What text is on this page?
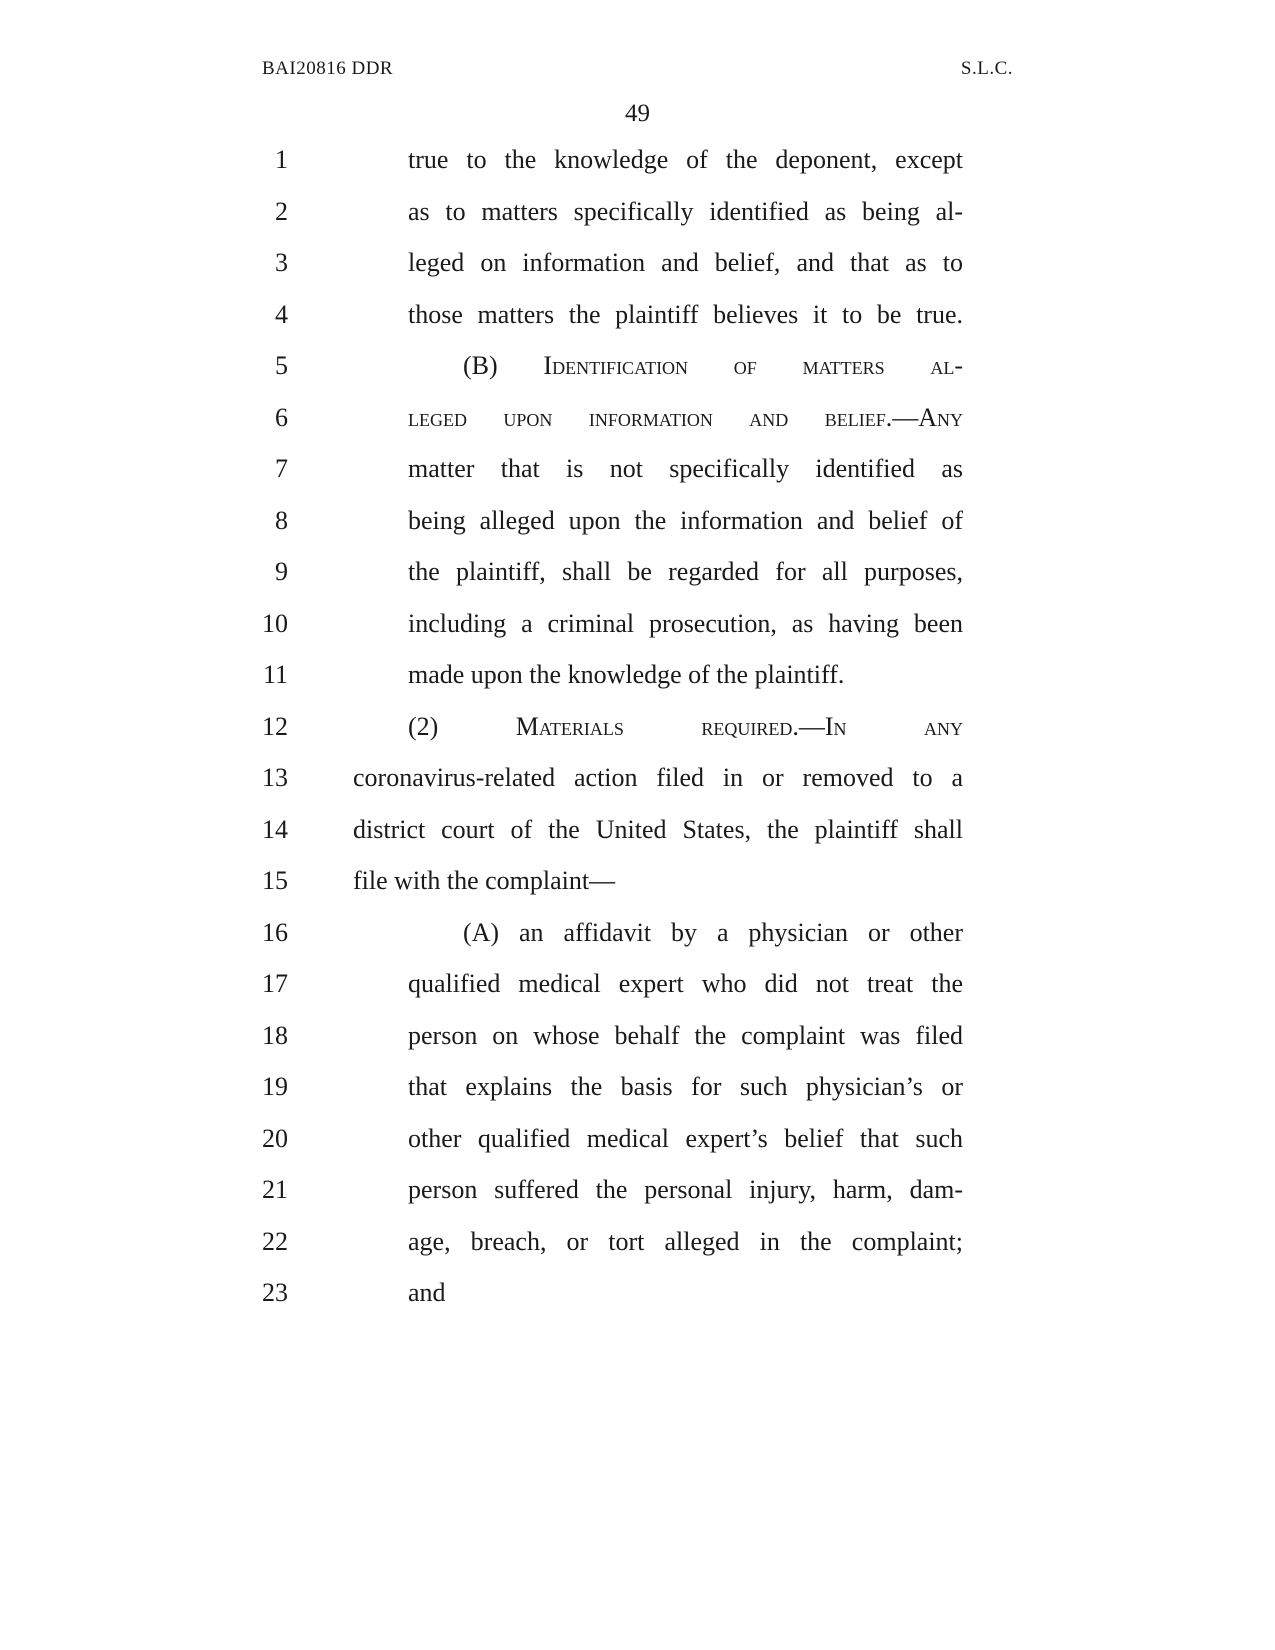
BAI20816 DDR	S.L.C.
49
1	true to the knowledge of the deponent, except
2	as to matters specifically identified as being al-
3	leged on information and belief, and that as to
4	those matters the plaintiff believes it to be true.
5	(B) Identification of matters al-
6	leged upon information and belief.—Any
7	matter that is not specifically identified as
8	being alleged upon the information and belief of
9	the plaintiff, shall be regarded for all purposes,
10	including a criminal prosecution, as having been
11	made upon the knowledge of the plaintiff.
12	(2) Materials required.—In any
13	coronavirus-related action filed in or removed to a
14	district court of the United States, the plaintiff shall
15	file with the complaint—
16	(A) an affidavit by a physician or other
17	qualified medical expert who did not treat the
18	person on whose behalf the complaint was filed
19	that explains the basis for such physician’s or
20	other qualified medical expert’s belief that such
21	person suffered the personal injury, harm, dam-
22	age, breach, or tort alleged in the complaint;
23	and
